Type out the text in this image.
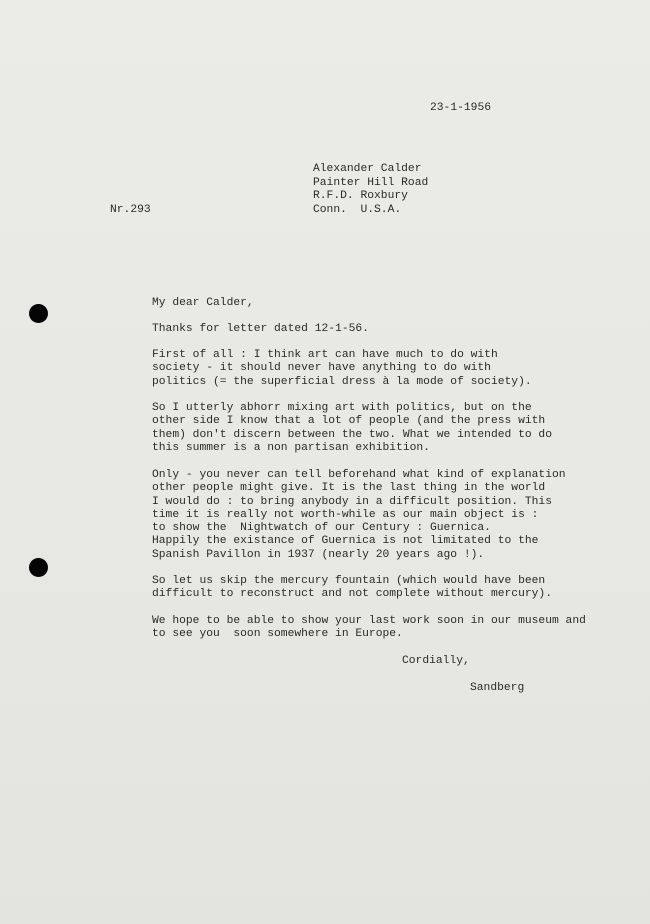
23-1-1956
Alexander Calder
Painter Hill Road
R.F.D. Roxbury
Conn.  U.S.A.
Nr.293
My dear Calder,
Thanks for letter dated 12-1-56.
First of all : I think art can have much to do with
society - it should never have anything to do with
politics (= the superficial dress à la mode of society).
So I utterly abhorr mixing art with politics, but on the
other side I know that a lot of people (and the press with
them) don't discern between the two. What we intended to do
this summer is a non partisan exhibition.
Only - you never can tell beforehand what kind of explanation
other people might give. It is the last thing in the world
I would do : to bring anybody in a difficult position. This
time it is really not worth-while as our main object is :
to show the  Nightwatch of our Century : Guernica.
Happily the existance of Guernica is not limitated to the
Spanish Pavillon in 1937 (nearly 20 years ago !).
So let us skip the mercury fountain (which would have been
difficult to reconstruct and not complete without mercury).
We hope to be able to show your last work soon in our museum and
to see you  soon somewhere in Europe.
Cordially,
Sandberg
